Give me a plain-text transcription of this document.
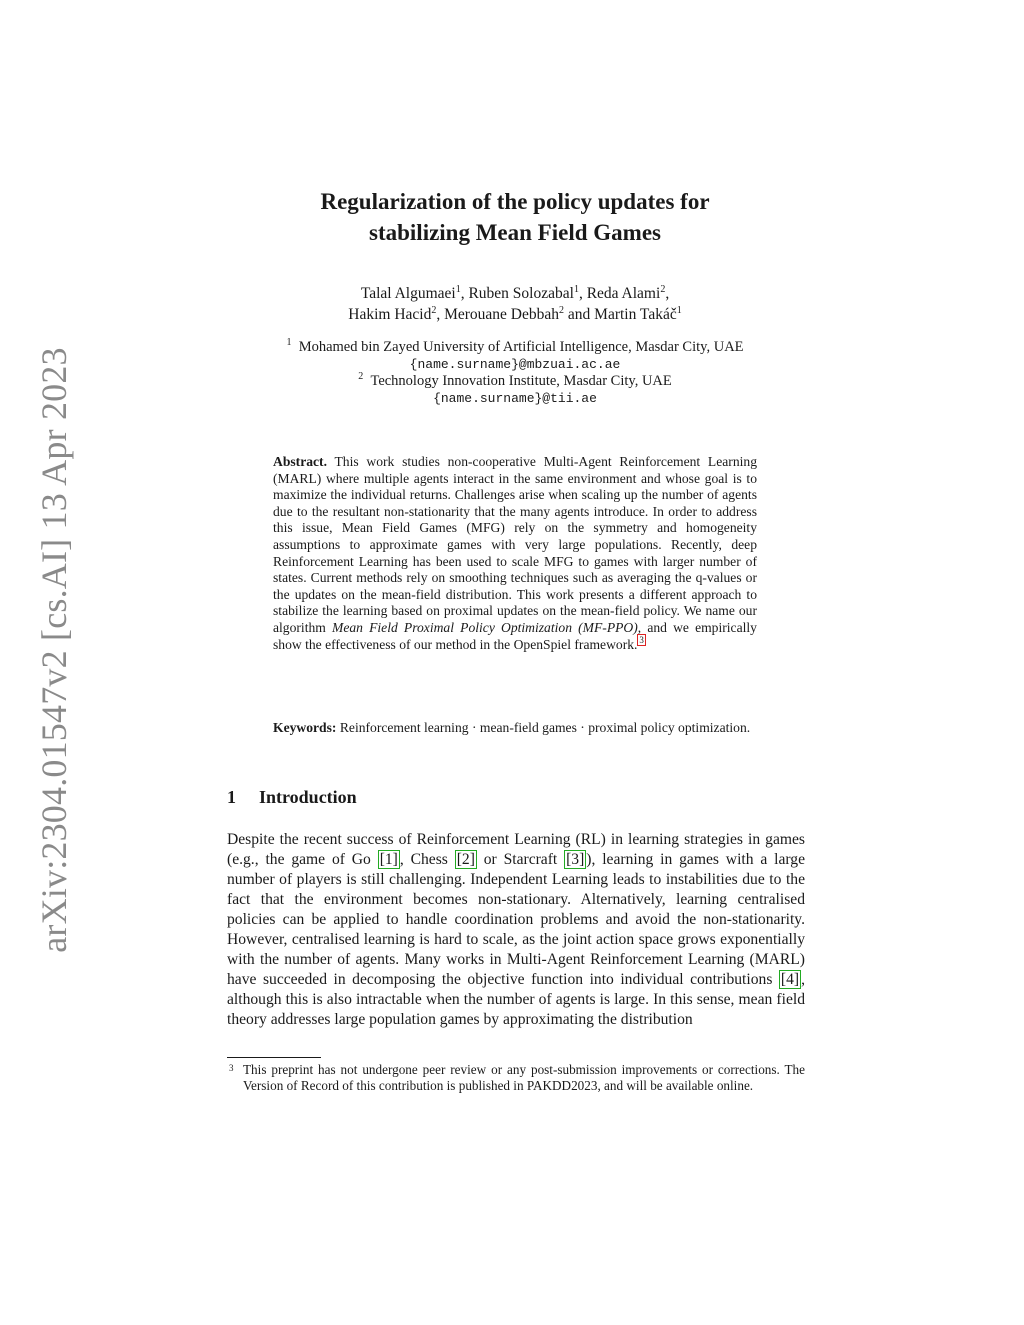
arXiv:2304.01547v2 [cs.AI] 13 Apr 2023
Regularization of the policy updates for
stabilizing Mean Field Games
Talal Algumaei$^1$, Ruben Solozabal$^1$, Reda Alami$^2$,
Hakim Hacid$^2$, Merouane Debbah$^2$ and Martin Takáč$^1$
$^1$ Mohamed bin Zayed University of Artificial Intelligence, Masdar City, UAE
{name.surname}@mbzuai.ac.ae
$^2$ Technology Innovation Institute, Masdar City, UAE
{name.surname}@tii.ae
Abstract. This work studies non-cooperative Multi-Agent Reinforcement Learning (MARL) where multiple agents interact in the same environment and whose goal is to maximize the individual returns. Challenges arise when scaling up the number of agents due to the resultant non-stationarity that the many agents introduce. In order to address this issue, Mean Field Games (MFG) rely on the symmetry and homogeneity assumptions to approximate games with very large populations. Recently, deep Reinforcement Learning has been used to scale MFG to games with larger number of states. Current methods rely on smoothing techniques such as averaging the q-values or the updates on the mean-field distribution. This work presents a different approach to stabilize the learning based on proximal updates on the mean-field policy. We name our algorithm Mean Field Proximal Policy Optimization (MF-PPO), and we empirically show the effectiveness of our method in the OpenSpiel framework. $^3$
Keywords: Reinforcement learning · mean-field games · proximal policy optimization.
1 Introduction
Despite the recent success of Reinforcement Learning (RL) in learning strategies in games (e.g., the game of Go [1] , Chess [2] or Starcraft [3] ), learning in games with a large number of players is still challenging. Independent Learning leads to instabilities due to the fact that the environment becomes non-stationary. Alternatively, learning centralised policies can be applied to handle coordination problems and avoid the non-stationarity. However, centralised learning is hard to scale, as the joint action space grows exponentially with the number of agents. Many works in Multi-Agent Reinforcement Learning (MARL) have succeeded in decomposing the objective function into individual contributions [4] , although this is also intractable when the number of agents is large. In this sense, mean field theory addresses large population games by approximating the distribution
3 This preprint has not undergone peer review or any post-submission improvements or corrections. The Version of Record of this contribution is published in PAKDD2023, and will be available online.
